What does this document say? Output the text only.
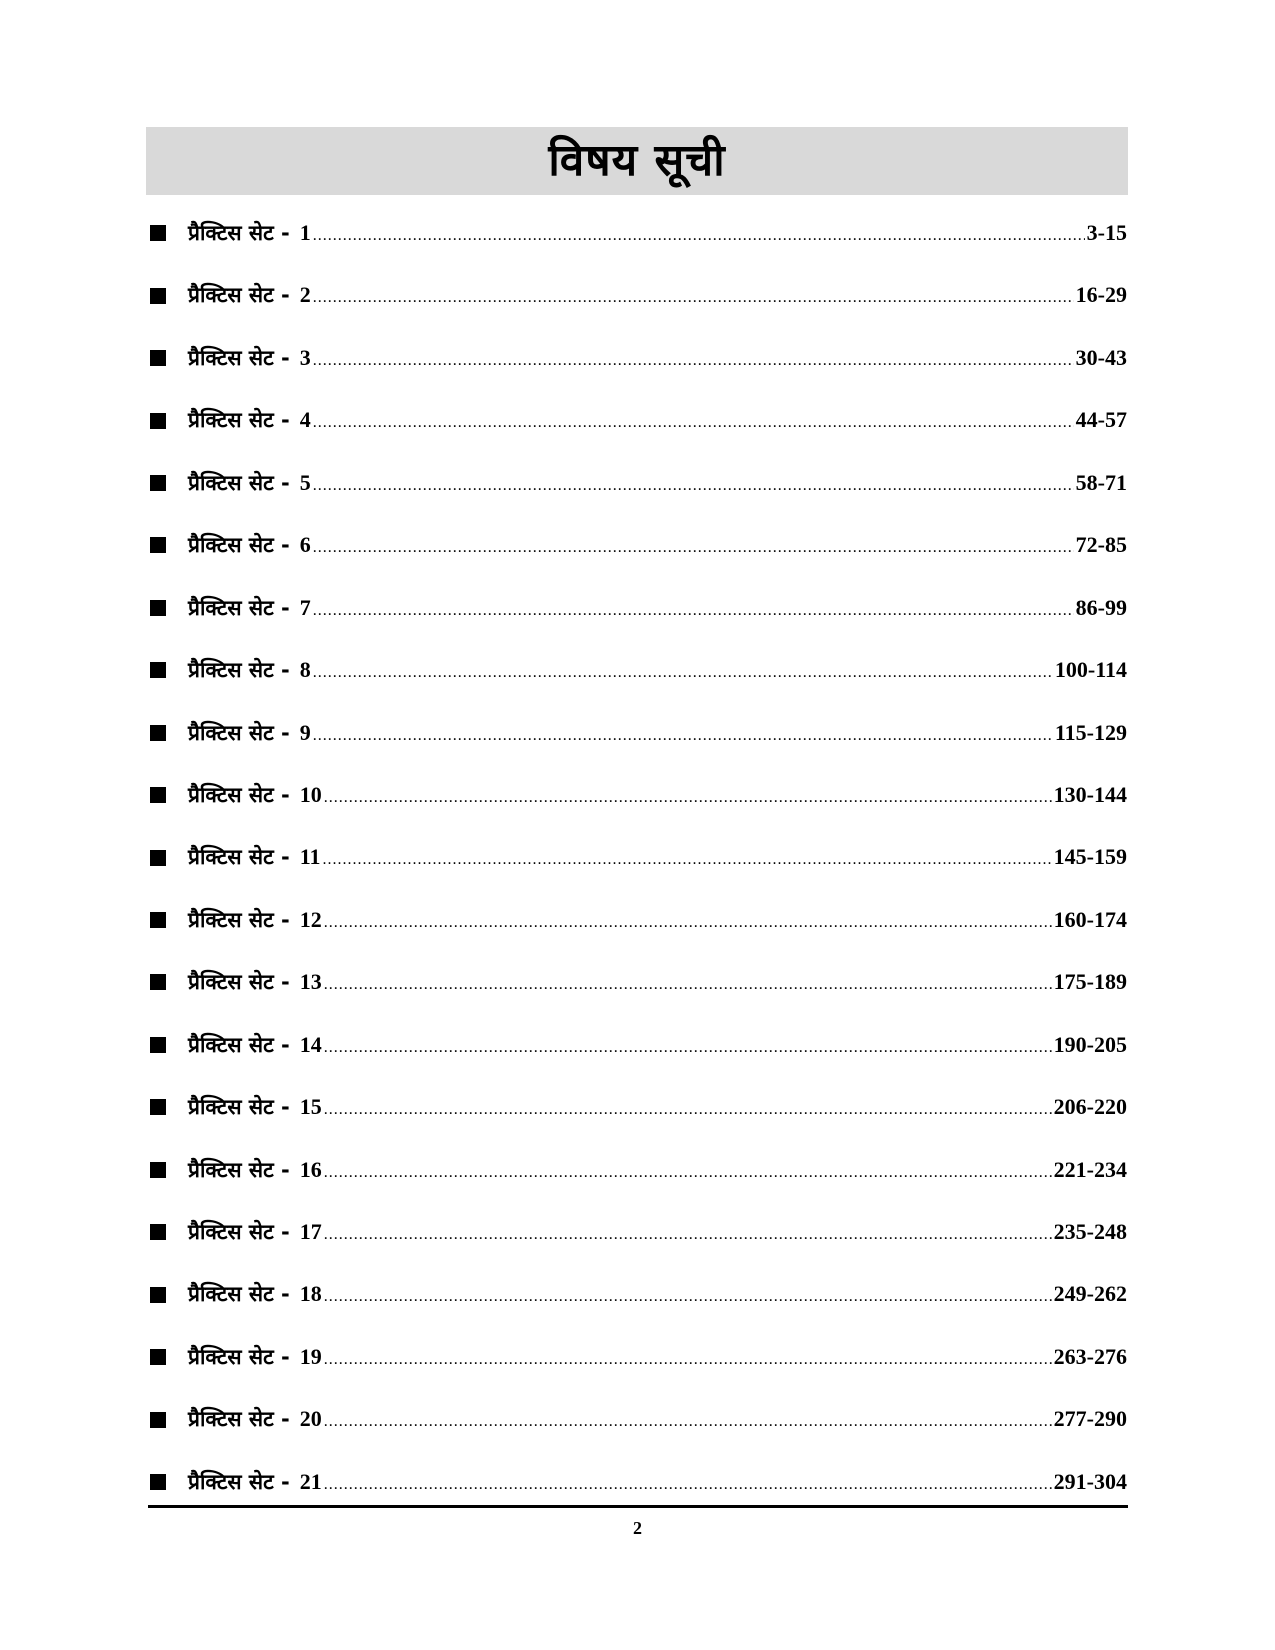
विषय सूची
प्रैक्टिस सेट - 1 .....	3-15
प्रैक्टिस सेट - 2 .....	16-29
प्रैक्टिस सेट - 3 .....	30-43
प्रैक्टिस सेट - 4 .....	44-57
प्रैक्टिस सेट - 5 .....	58-71
प्रैक्टिस सेट - 6 .....	72-85
प्रैक्टिस सेट - 7 .....	86-99
प्रैक्टिस सेट - 8 .....	100-114
प्रैक्टिस सेट - 9 .....	115-129
प्रैक्टिस सेट - 10 .....	130-144
प्रैक्टिस सेट - 11 .....	145-159
प्रैक्टिस सेट - 12 .....	160-174
प्रैक्टिस सेट - 13 .....	175-189
प्रैक्टिस सेट - 14 .....	190-205
प्रैक्टिस सेट - 15 .....	206-220
प्रैक्टिस सेट - 16 .....	221-234
प्रैक्टिस सेट - 17 .....	235-248
प्रैक्टिस सेट - 18 .....	249-262
प्रैक्टिस सेट - 19 .....	263-276
प्रैक्टिस सेट - 20 .....	277-290
प्रैक्टिस सेट - 21 .....	291-304
2
